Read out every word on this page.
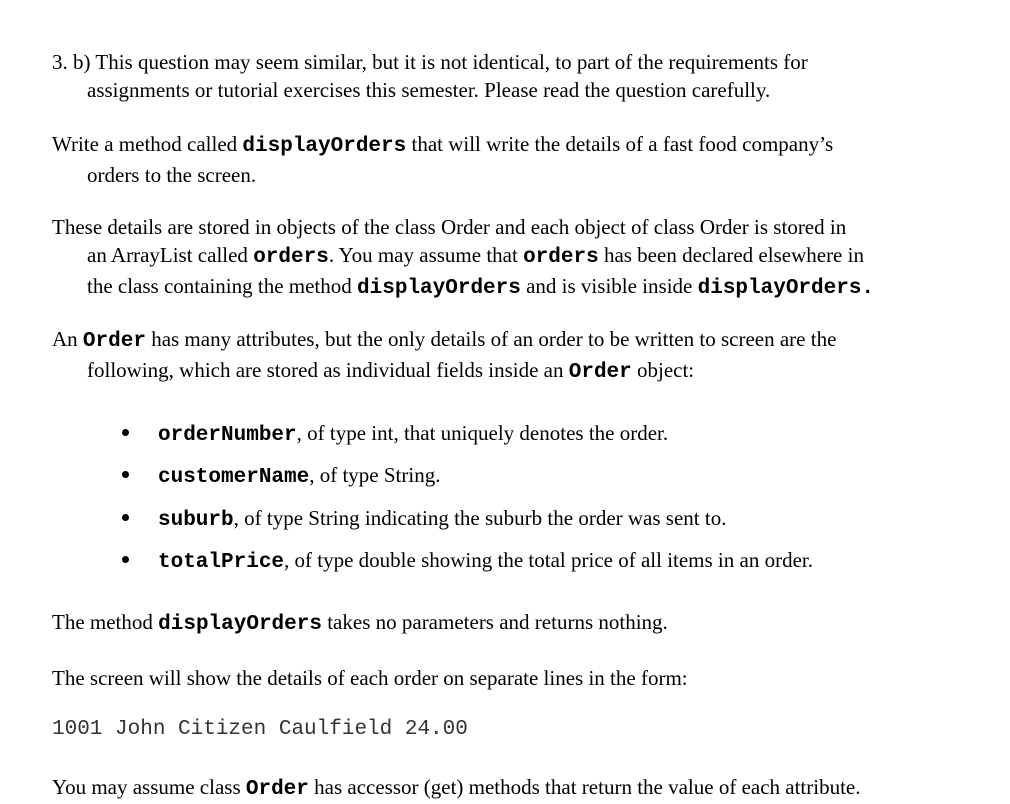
3. b) This question may seem similar, but it is not identical, to part of the requirements for
assignments or tutorial exercises this semester. Please read the question carefully.
Write a method called displayOrders that will write the details of a fast food company’s
orders to the screen.
These details are stored in objects of the class Order and each object of class Order is stored in
an ArrayList called orders. You may assume that orders has been declared elsewhere in
the class containing the method displayOrders and is visible inside displayOrders.
An Order has many attributes, but the only details of an order to be written to screen are the
following, which are stored as individual fields inside an Order object:
orderNumber, of type int, that uniquely denotes the order.
customerName, of type String.
suburb, of type String indicating the suburb the order was sent to.
totalPrice, of type double showing the total price of all items in an order.
The method displayOrders takes no parameters and returns nothing.
The screen will show the details of each order on separate lines in the form:
1001 John Citizen Caulfield 24.00
You may assume class Order has accessor (get) methods that return the value of each attribute.
